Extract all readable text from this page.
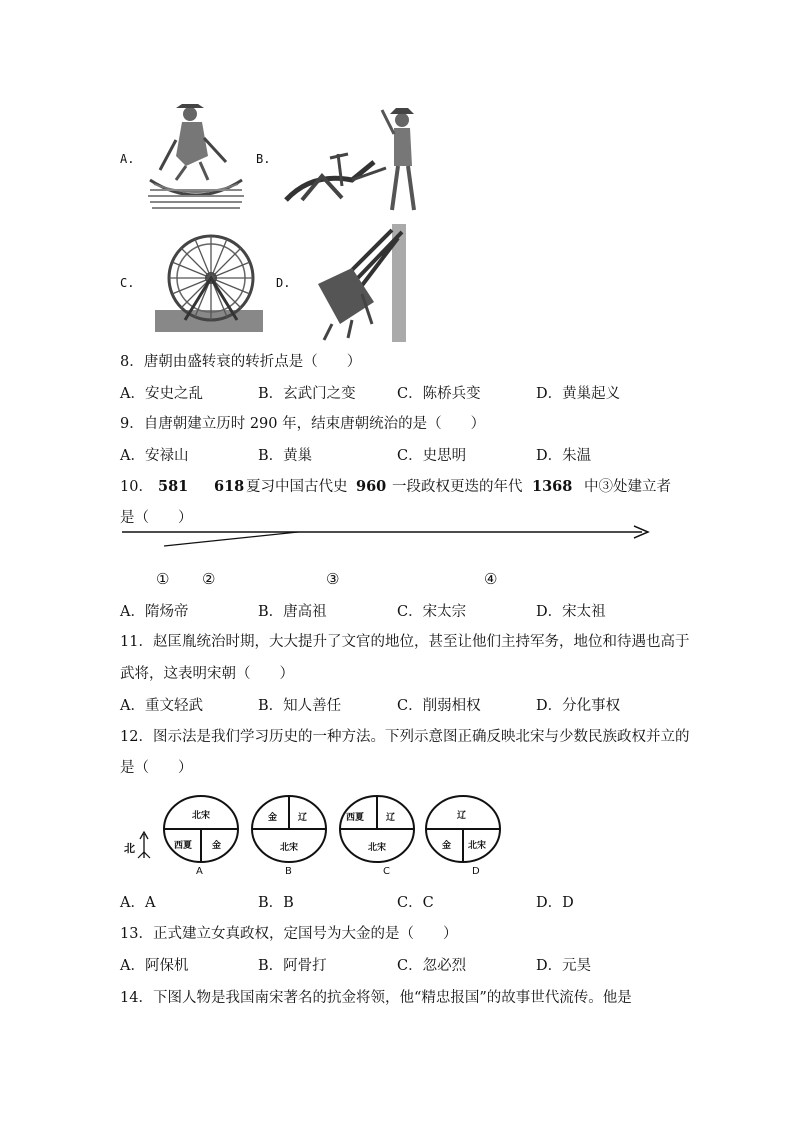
A.	B.
C.	D.
8．唐朝由盛转衰的转折点是（　　）
A．安史之乱	B．玄武门之变	C．陈桥兵变	D．黄巢起义
9．自唐朝建立历时 290 年，结束唐朝统治的是（　　）
A．安禄山	B．黄巢	C．史思明	D．朱温
10． 581 618 夏习中国古代史 960 一段政权更迭的年代 1368 中③处建立者
是（　　）
① ②	③	④
A．隋炀帝	B．唐高祖	C．宋太宗	D．宋太祖
11．赵匡胤统治时期，大大提升了文官的地位，甚至让他们主持军务，地位和待遇也高于
武将，这表明宋朝（　　）
A．重文轻武	B．知人善任	C．削弱相权	D．分化事权
12．图示法是我们学习历史的一种方法。下列示意图正确反映北宋与少数民族政权并立的
是（　　）
北
北宋
西夏 金
A
金 辽
北宋
B
西夏 辽
北宋
C
辽
金 北宋
D
A．A	B．B	C．C	D．D
13．正式建立女真政权，定国号为大金的是（　　）
A．阿保机	B．阿骨打	C．忽必烈	D．元昊
14．下图人物是我国南宋著名的抗金将领，他“精忠报国”的故事世代流传。他是
